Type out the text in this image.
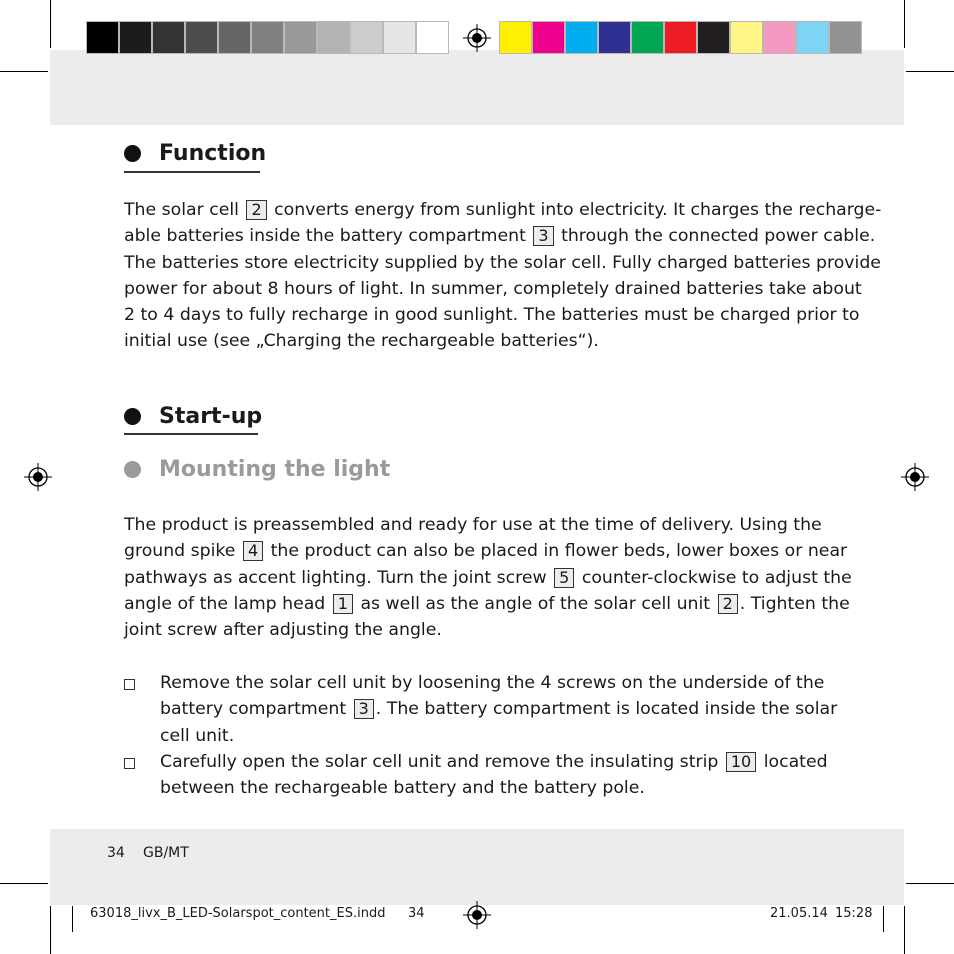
Function

The solar cell 2 converts energy from sunlight into electricity. It charges the recharge-

able batteries inside the battery compartment 3 through the connected power cable.

The batteries store electricity supplied by the solar cell. Fully charged batteries provide

power for about 8 hours of light. In summer, completely drained batteries take about

2 to 4 days to fully recharge in good sunlight. The batteries must be charged prior to

initial use (see „Charging the rechargeable batteries“).

Start-up
Mounting the light

The product is preassembled and ready for use at the time of delivery. Using the

ground spike 4 the product can also be placed in flower beds, lower boxes or near

pathways as accent lighting. Turn the joint screw 5 counter-clockwise to adjust the

angle of the lamp head 1 as well as the angle of the solar cell unit 2 . Tighten the

joint screw after adjusting the angle.

Remove the solar cell unit by loosening the 4 screws on the underside of the

battery compartment 3 . The battery compartment is located inside the solar

cell unit.

Carefully open the solar cell unit and remove the insulating strip 10 located

between the rechargeable battery and the battery pole.

34 GB/MT
63018_livx_B_LED-Solarspot_content_ES.indd 34	21.05.14 15:28
